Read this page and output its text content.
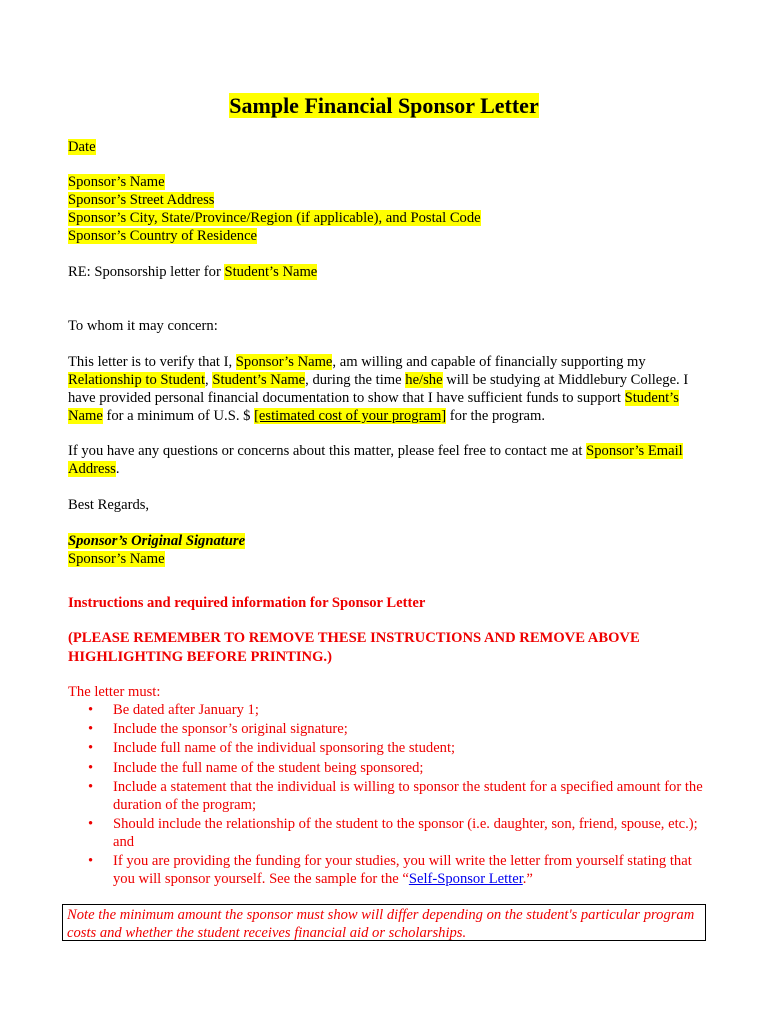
Sample Financial Sponsor Letter

Date

Sponsor’s Name

Sponsor’s Street Address

Sponsor’s City, State/Province/Region (if applicable), and Postal Code

Sponsor’s Country of Residence

RE: Sponsorship letter for Student’s Name

To whom it may concern:

This letter is to verify that I, Sponsor’s Name, am willing and capable of financially supporting my Relationship to Student, Student’s Name, during the time he/she will be studying at Middlebury College. I have provided personal financial documentation to show that I have sufficient funds to support Student’s Name for a minimum of U.S. $ [estimated cost of your program] for the program.

If you have any questions or concerns about this matter, please feel free to contact me at Sponsor’s Email Address.

Best Regards,

Sponsor’s Original Signature

Sponsor’s Name

Instructions and required information for Sponsor Letter

(PLEASE REMEMBER TO REMOVE THESE INSTRUCTIONS AND REMOVE ABOVE HIGHLIGHTING BEFORE PRINTING.)

The letter must:

• Be dated after January 1;
• Include the sponsor’s original signature;
• Include full name of the individual sponsoring the student;
• Include the full name of the student being sponsored;
• Include a statement that the individual is willing to sponsor the student for a specified amount for the duration of the program;
• Should include the relationship of the student to the sponsor (i.e. daughter, son, friend, spouse, etc.); and
• If you are providing the funding for your studies, you will write the letter from yourself stating that you will sponsor yourself. See the sample for the “Self-Sponsor Letter.”
Note the minimum amount the sponsor must show will differ depending on the student's particular program costs and whether the student receives financial aid or scholarships.
